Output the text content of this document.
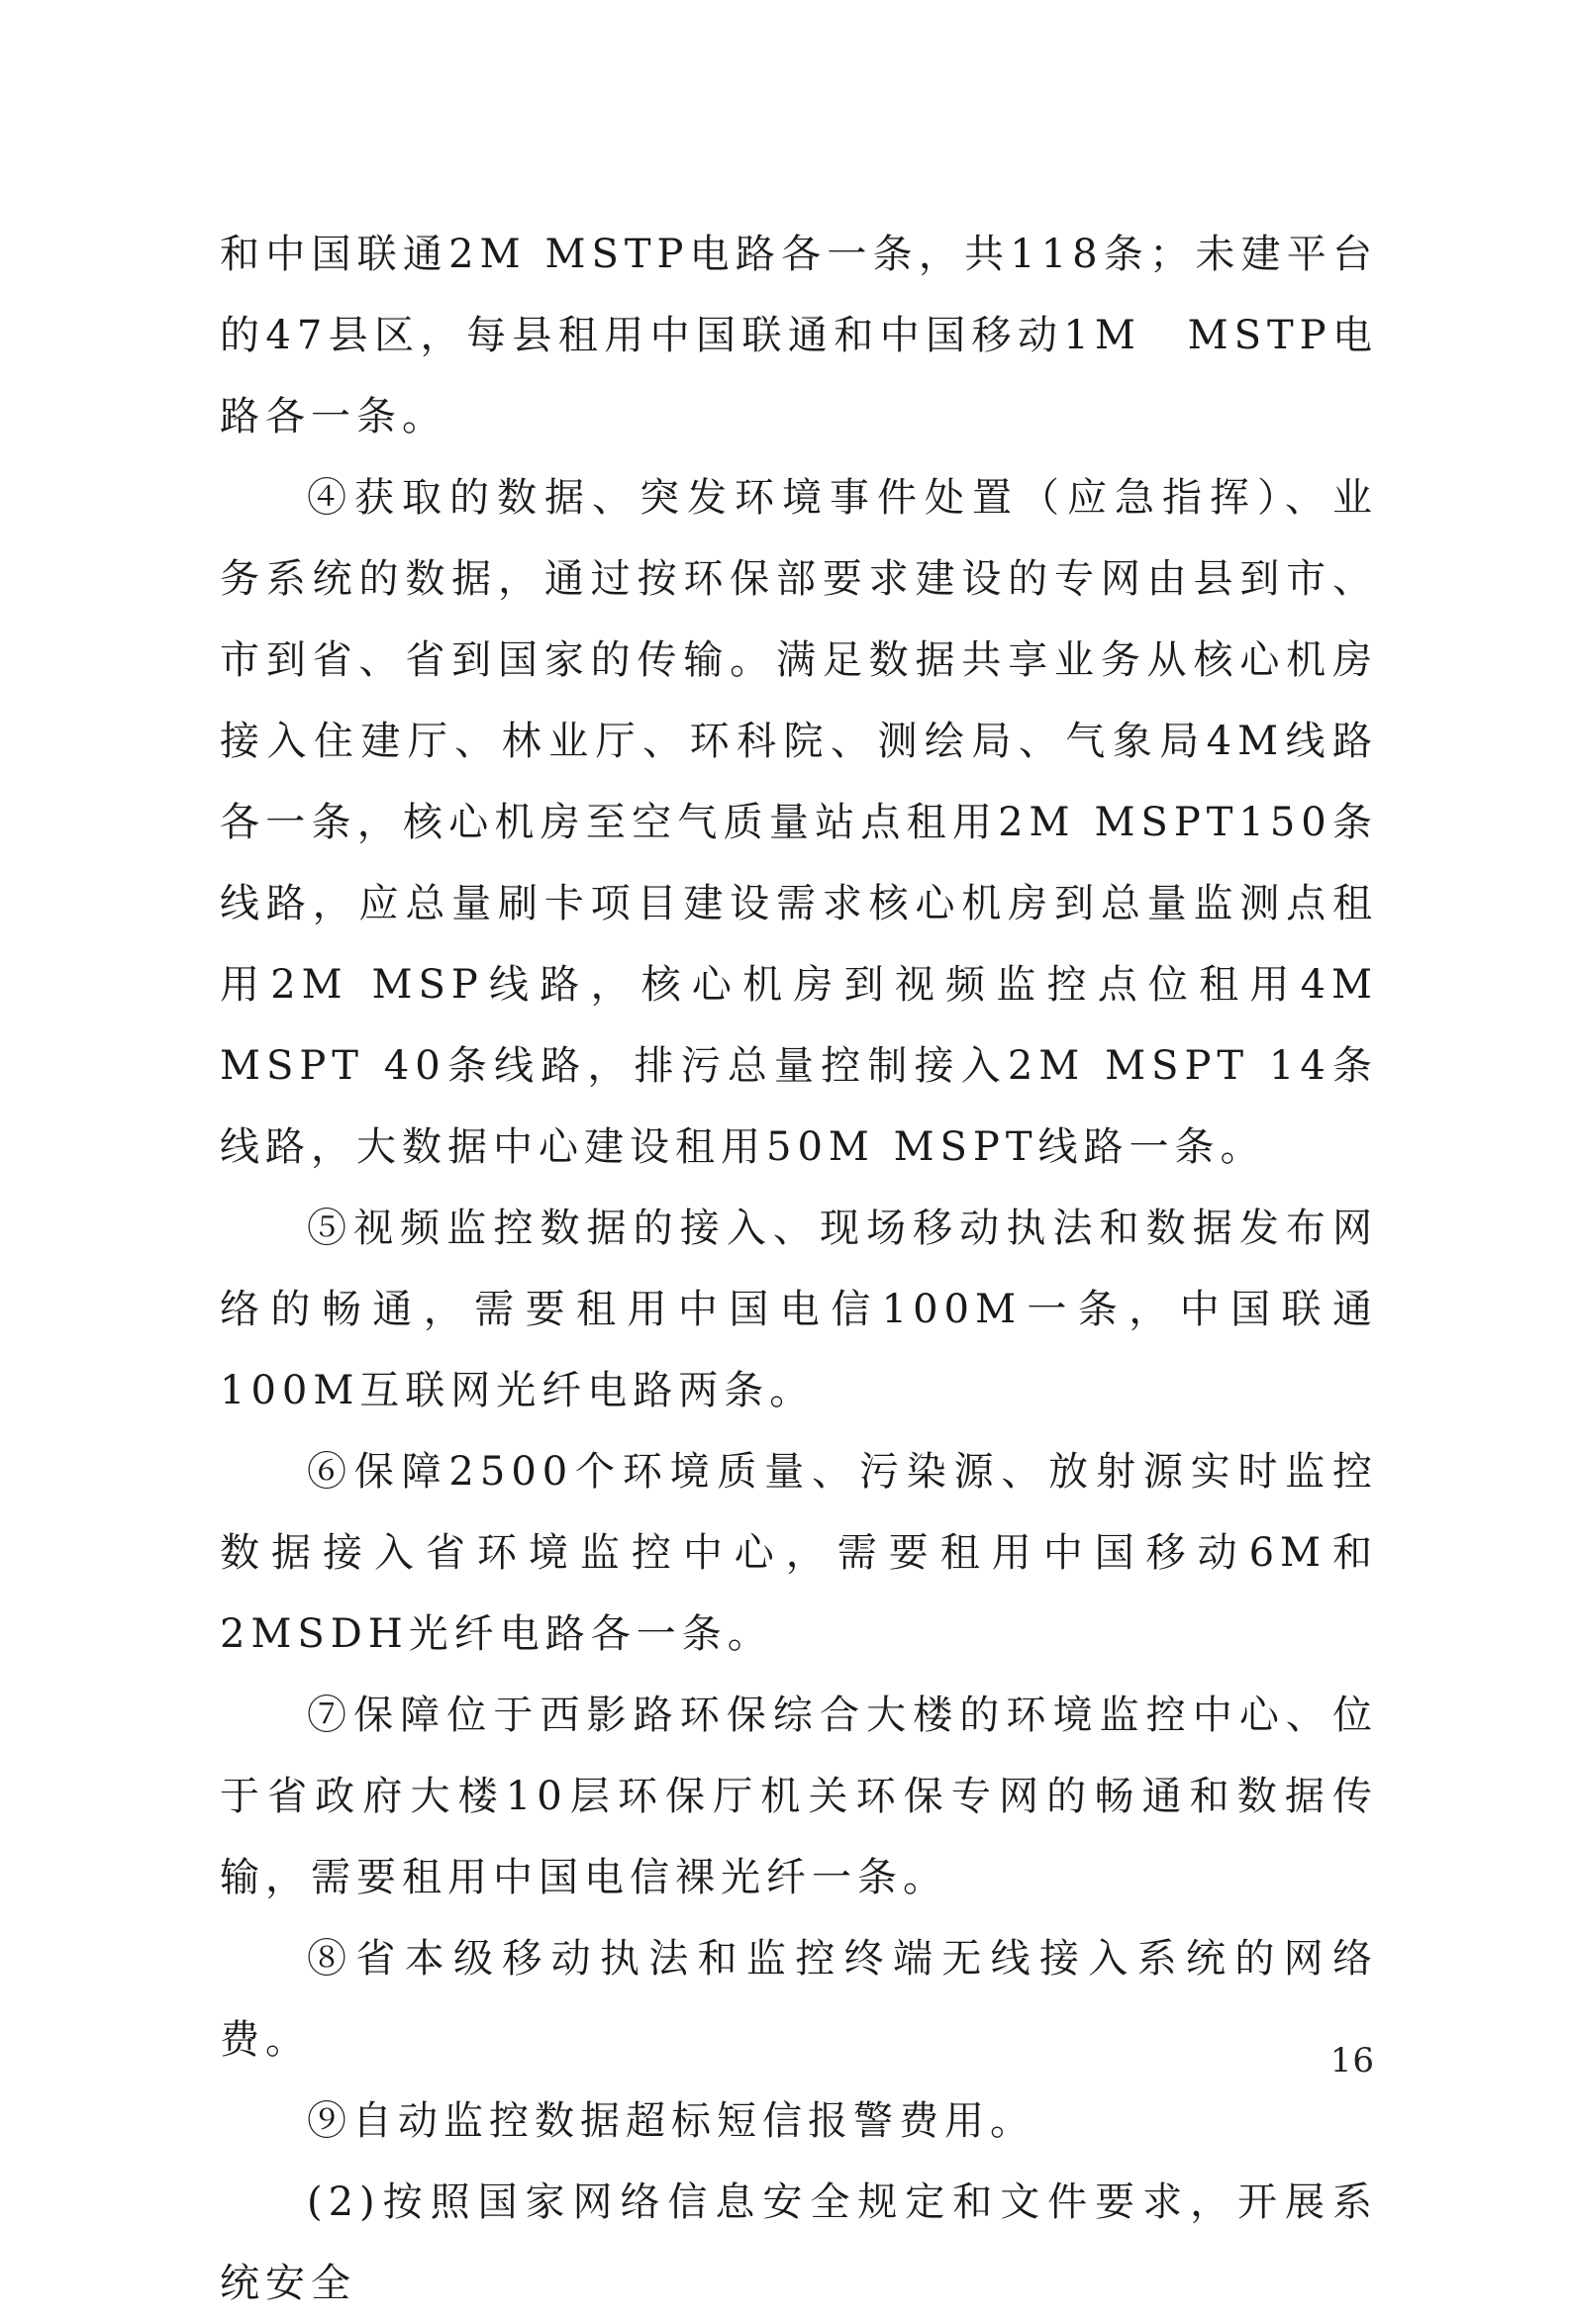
和中国联通2M MSTP电路各一条，共118条；未建平台的47县区，每县租用中国联通和中国移动1M　MSTP电路各一条。

④获取的数据、突发环境事件处置（应急指挥）、业务系统的数据，通过按环保部要求建设的专网由县到市、市到省、省到国家的传输。满足数据共享业务从核心机房接入住建厅、林业厅、环科院、测绘局、气象局4M线路各一条，核心机房至空气质量站点租用2M MSPT150条线路，应总量刷卡项目建设需求核心机房到总量监测点租用2M MSP线路，核心机房到视频监控点位租用4M MSPT 40条线路，排污总量控制接入2M MSPT 14条线路，大数据中心建设租用50M MSPT线路一条。

⑤视频监控数据的接入、现场移动执法和数据发布网络的畅通，需要租用中国电信100M一条，中国联通100M互联网光纤电路两条。

⑥保障2500个环境质量、污染源、放射源实时监控数据接入省环境监控中心，需要租用中国移动6M和2MSDH光纤电路各一条。

⑦保障位于西影路环保综合大楼的环境监控中心、位于省政府大楼10层环保厅机关环保专网的畅通和数据传输，需要租用中国电信裸光纤一条。

⑧省本级移动执法和监控终端无线接入系统的网络费。

⑨自动监控数据超标短信报警费用。

(2)按照国家网络信息安全规定和文件要求，开展系统安全

16
